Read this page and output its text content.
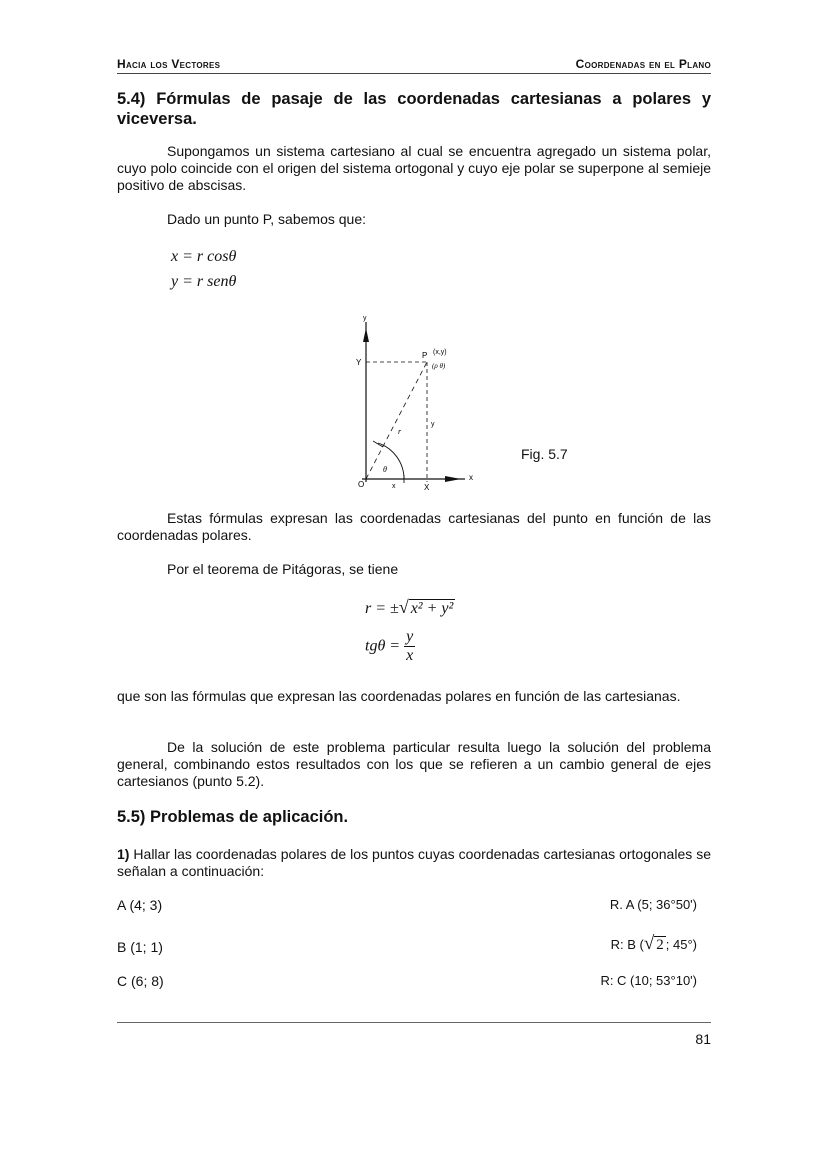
Hacia los Vectores	Coordenadas en el Plano
5.4) Fórmulas de pasaje de las coordenadas cartesianas a polares y viceversa.
Supongamos un sistema cartesiano al cual se encuentra agregado un sistema polar, cuyo polo coincide con el origen del sistema ortogonal y cuyo eje polar se superpone al semieje positivo de abscisas.
Dado un punto P, sabemos que:
x = r cosθ
y = r senθ
y
x
Y
X
O	x
y
r
θ
P (x,y)
(ρ θ)
Fig. 5.7
Estas fórmulas expresan las coordenadas cartesianas del punto en función de las coordenadas polares.
Por el teorema de Pitágoras, se tiene
r = ±√ x² + y²
$tg\theta = \frac{y}{x}$
que son las fórmulas que expresan las coordenadas polares en función de las cartesianas.
De la solución de este problema particular resulta luego la solución del problema general, combinando estos resultados con los que se refieren a un cambio general de ejes cartesianos (punto 5.2).
5.5) Problemas de aplicación.
1) Hallar las coordenadas polares de los puntos cuyas coordenadas cartesianas ortogonales se señalan a continuación:
A (4; 3)	R. A (5; 36°50')
B (1; 1)	R: B (√ 2 ; 45°)
C (6; 8)	R: C (10; 53°10')
81
